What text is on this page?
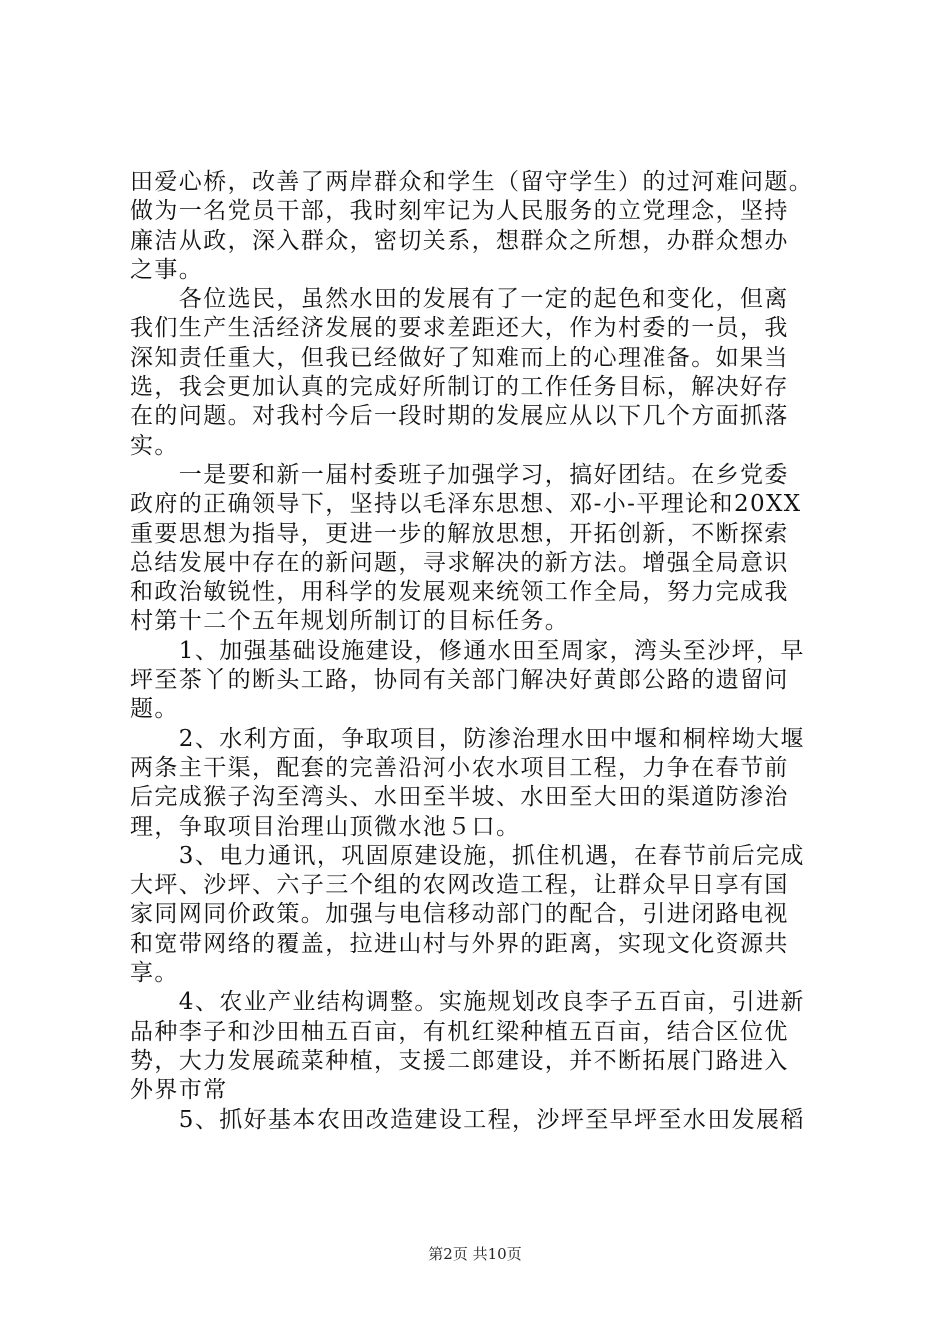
田爱心桥，改善了两岸群众和学生（留守学生）的过河难问题。
做为一名党员干部，我时刻牢记为人民服务的立党理念，坚持
廉洁从政，深入群众，密切关系，想群众之所想，办群众想办
之事。
　　各位选民，虽然水田的发展有了一定的起色和变化，但离
我们生产生活经济发展的要求差距还大，作为村委的一员，我
深知责任重大，但我已经做好了知难而上的心理准备。如果当
选，我会更加认真的完成好所制订的工作任务目标，解决好存
在的问题。对我村今后一段时期的发展应从以下几个方面抓落
实。
　　一是要和新一届村委班子加强学习，搞好团结。在乡党委
政府的正确领导下，坚持以毛泽东思想、邓-小-平理论和20XX
重要思想为指导，更进一步的解放思想，开拓创新，不断探索
总结发展中存在的新问题，寻求解决的新方法。增强全局意识
和政治敏锐性，用科学的发展观来统领工作全局，努力完成我
村第十二个五年规划所制订的目标任务。
　　1、加强基础设施建设，修通水田至周家，湾头至沙坪，早
坪至茶丫的断头工路，协同有关部门解决好黄郎公路的遗留问
题。
　　2、水利方面，争取项目，防渗治理水田中堰和桐梓坳大堰
两条主干渠，配套的完善沿河小农水项目工程，力争在春节前
后完成猴子沟至湾头、水田至半坡、水田至大田的渠道防渗治
理，争取项目治理山顶微水池５口。
　　3、电力通讯，巩固原建设施，抓住机遇，在春节前后完成
大坪、沙坪、六子三个组的农网改造工程，让群众早日享有国
家同网同价政策。加强与电信移动部门的配合，引进闭路电视
和宽带网络的覆盖，拉进山村与外界的距离，实现文化资源共
享。
　　4、农业产业结构调整。实施规划改良李子五百亩，引进新
品种李子和沙田柚五百亩，有机红梁种植五百亩，结合区位优
势，大力发展疏菜种植，支援二郎建设，并不断拓展门路进入
外界市常
　　5、抓好基本农田改造建设工程，沙坪至早坪至水田发展稻
第2页 共10页
